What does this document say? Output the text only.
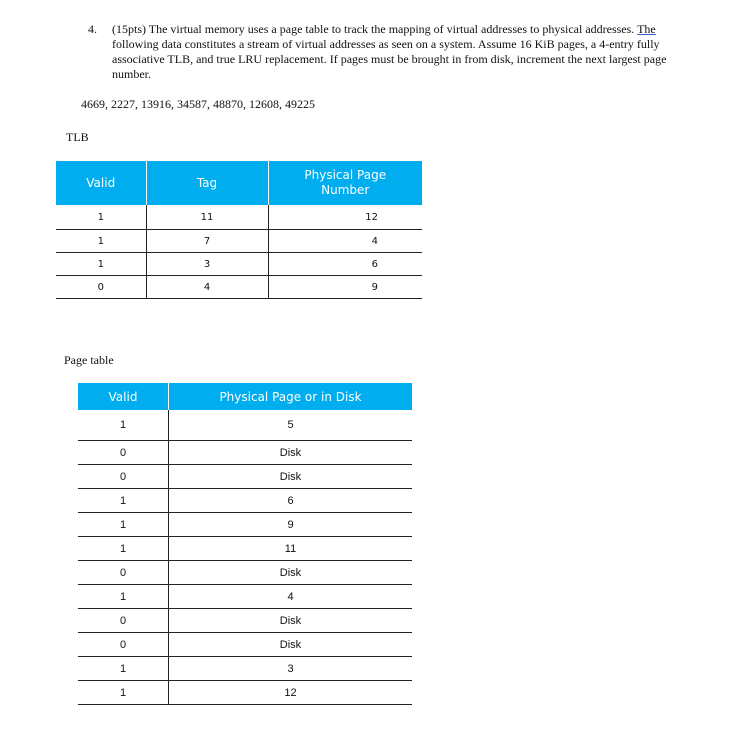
4. (15pts) The virtual memory uses a page table to track the mapping of virtual addresses to physical addresses. The following data constitutes a stream of virtual addresses as seen on a system. Assume 16 KiB pages, a 4-entry fully associative TLB, and true LRU replacement. If pages must be brought in from disk, increment the next largest page number.
4669, 2227, 13916, 34587, 48870, 12608, 49225
TLB
Valid	Tag	Physical Page
Number
1	11	12
1	7	4
1	3	6
0	4	9
Page table
Valid	Physical Page or in Disk
1	5
0	Disk
0	Disk
1	6
1	9
1	11
0	Disk
1	4
0	Disk
0	Disk
1	3
1	12
